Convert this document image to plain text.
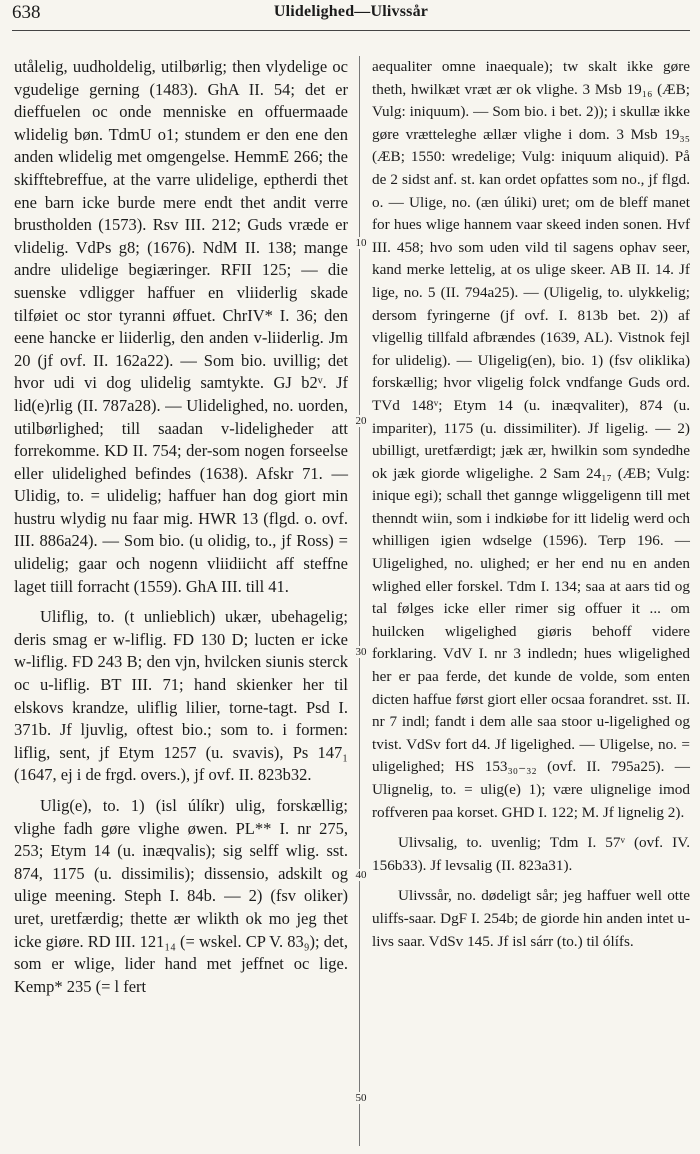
638	Ulidelighed—Ulivssår

utålelig, uudholdelig, utilbørlig; then vlydelige oc vgudelige gerning (1483). GhA II. 54; det er dieffuelen oc onde menniske en offuermaade wlidelig bøn. TdmU o1; stundem er den ene den anden wlidelig met omgengelse. HemmE 266; the skifftebreffue, at the varre ulidelige, eptherdi thet ene barn icke burde mere endt thet andit verre brustholden (1573). Rsv III. 212; Guds vræde er vlidelig. VdPs g8; (1676). NdM II. 138; mange andre ulidelige begiæringer. RFII 125; — die suenske vdligger haffuer en vliiderlig skade tilføiet oc stor tyranni øffuet. ChrIV* I. 36; den eene hancke er liiderlig, den anden v-liiderlig. Jm 20 (jf ovf. II. 162a22). — Som bio. uvillig; det hvor udi vi dog ulidelig samtykte. GJ b2ᵛ. Jf lid(e)rlig (II. 787a28). — Ulidelighed, no. uorden, utilbørlighed; till saadan v-lideligheder att forrekomme. KD II. 754; der-som nogen forseelse eller ulidelighed befindes (1638). Afskr 71. — Ulidig, to. = ulidelig; haffuer han dog giort min hustru wlydig nu faar mig. HWR 13 (flgd. o. ovf. III. 886a24). — Som bio. (u olidig, to., jf Ross) = ulidelig; gaar och nogenn vliidiicht aff steffne laget tiill forracht (1559). GhA III. till 41.

Uliflig, to. (t unlieblich) ukær, ubehagelig; deris smag er w-liflig. FD 130 D; lucten er icke w-liflig. FD 243 B; den vjn, hvilcken siunis sterck oc u-liflig. BT III. 71; hand skienker her til elskovs krandze, uliflig lilier, torne-tagt. Psd I. 371b. Jf ljuvlig, oftest bio.; som to. i formen: liflig, sent, jf Etym 1257 (u. svavis), Ps 147₁ (1647, ej i de frgd. overs.), jf ovf. II. 823b32.

Ulig(e), to. 1) (isl úlíkr) ulig, forskællig; vlighe fadh gøre vlighe øwen. PL** I. nr 275, 253; Etym 14 (u. inæqvalis); sig selff wlig. sst. 874, 1175 (u. dissimilis); dissensio, adskilt og ulige meening. Steph I. 84b. — 2) (fsv oliker) uret, uretfærdig; thette ær wlikth ok mo jeg thet icke giøre. RD III. 121₁₄ (= wskel. CP V. 83₉); det, som er wlige, lider hand met jeffnet oc lige. Kemp* 235 (= l fert

10
20
30
40
50

aequaliter omne inaequale); tw skalt ikke gøre theth, hwilkæt vræt ær ok vlighe. 3 Msb 19₁₆ (ÆB; Vulg: iniquum). — Som bio. i bet. 2)); i skullæ ikke gøre vrætteleghe ællær vlighe i dom. 3 Msb 19₃₅ (ÆB; 1550: wredelige; Vulg: iniquum aliquid). På de 2 sidst anf. st. kan ordet opfattes som no., jf flgd. o. — Ulige, no. (æn úliki) uret; om de bleff manet for hues wlige hannem vaar skeed inden sonen. Hvf III. 458; hvo som uden vild til sagens ophav seer, kand merke lettelig, at os ulige skeer. AB II. 14. Jf lige, no. 5 (II. 794a25). — (Uligelig, to. ulykkelig; dersom fyringerne (jf ovf. I. 813b bet. 2)) af vligellig tillfald afbrændes (1639, AL). Vistnok fejl for ulidelig). — Uligelig(en), bio. 1) (fsv oliklika) forskællig; hvor vligelig folck vndfange Guds ord. TVd 148ᵛ; Etym 14 (u. inæqvaliter), 874 (u. impariter), 1175 (u. dissimiliter). Jf ligelig. — 2) ubilligt, uretfærdigt; jæk ær, hwilkin som syndedhe ok jæk giorde wligelighe. 2 Sam 24₁₇ (ÆB; Vulg: inique egi); schall thet gannge wliggeligenn till met thenndt wiin, som i indkiøbe for itt lidelig werd och whilligen igien wdselge (1596). Terp 196. — Uligelighed, no. ulighed; er her end nu en anden wlighed eller forskel. Tdm I. 134; saa at aars tid og tal følges icke eller rimer sig offuer it ... om huilcken wligelighed giøris behoff videre forklaring. VdV I. nr 3 indledn; hues wligelighed her er paa ferde, det kunde de volde, som enten dicten haffue først giort eller ocsaa forandret. sst. II. nr 7 indl; fandt i dem alle saa stoor u-ligelighed og tvist. VdSv fort d4. Jf ligelighed. — Uligelse, no. = uligelighed; HS 153₃₀₋₃₂ (ovf. II. 795a25). — Ulignelig, to. = ulig(e) 1); være ulignelige imod roffveren paa korset. GHD I. 122; M. Jf lignelig 2).

Ulivsalig, to. uvenlig; Tdm I. 57ᵛ (ovf. IV. 156b33). Jf levsalig (II. 823a31).

Ulivssår, no. dødeligt sår; jeg haffuer well otte uliffs-saar. DgF I. 254b; de giorde hin anden intet u-livs saar. VdSv 145. Jf isl sárr (to.) til ólífs.
